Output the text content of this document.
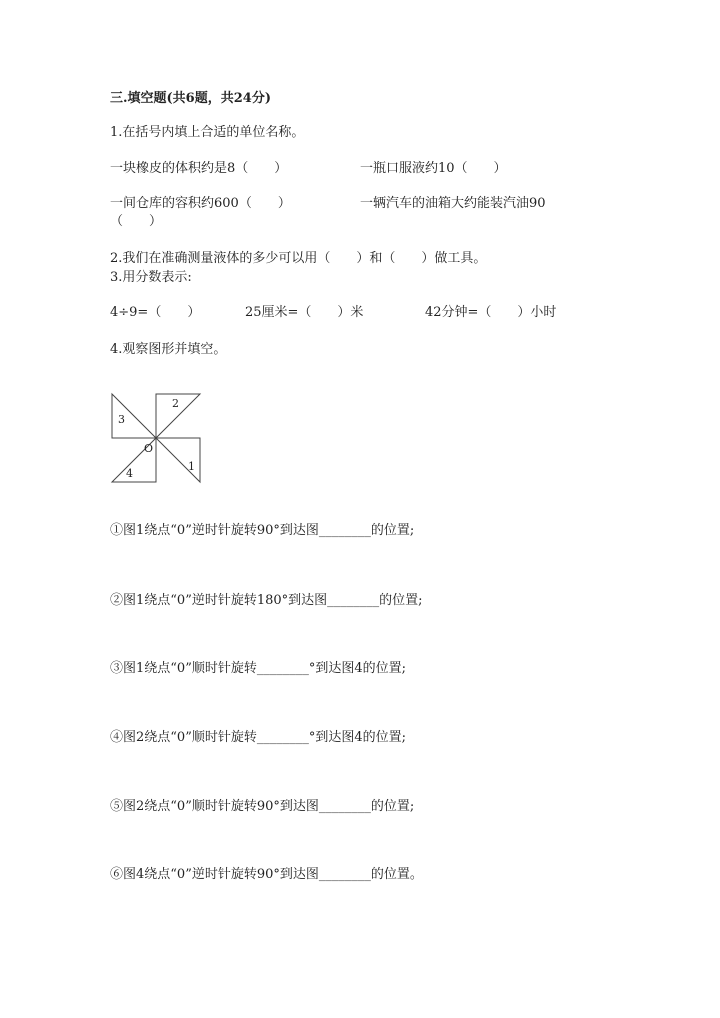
三.填空题(共6题，共24分)
1.在括号内填上合适的单位名称。
一块橡皮的体积约是8（　　）	一瓶口服液约10（　　）
一间仓库的容积约600（　　）	一辆汽车的油箱大约能装汽油90
（　　）
2.我们在准确测量液体的多少可以用（　　）和（　　）做工具。
3.用分数表示:
4÷9=（　　）	25厘米=（　　）米	42分钟=（　　）小时
4.观察图形并填空。
O
1
2
3
4
①图1绕点“0”逆时针旋转90°到达图________的位置;
②图1绕点“0”逆时针旋转180°到达图________的位置;
③图1绕点“0”顺时针旋转________°到达图4的位置;
④图2绕点“0”顺时针旋转________°到达图4的位置;
⑤图2绕点“0”顺时针旋转90°到达图________的位置;
⑥图4绕点“0”逆时针旋转90°到达图________的位置。
